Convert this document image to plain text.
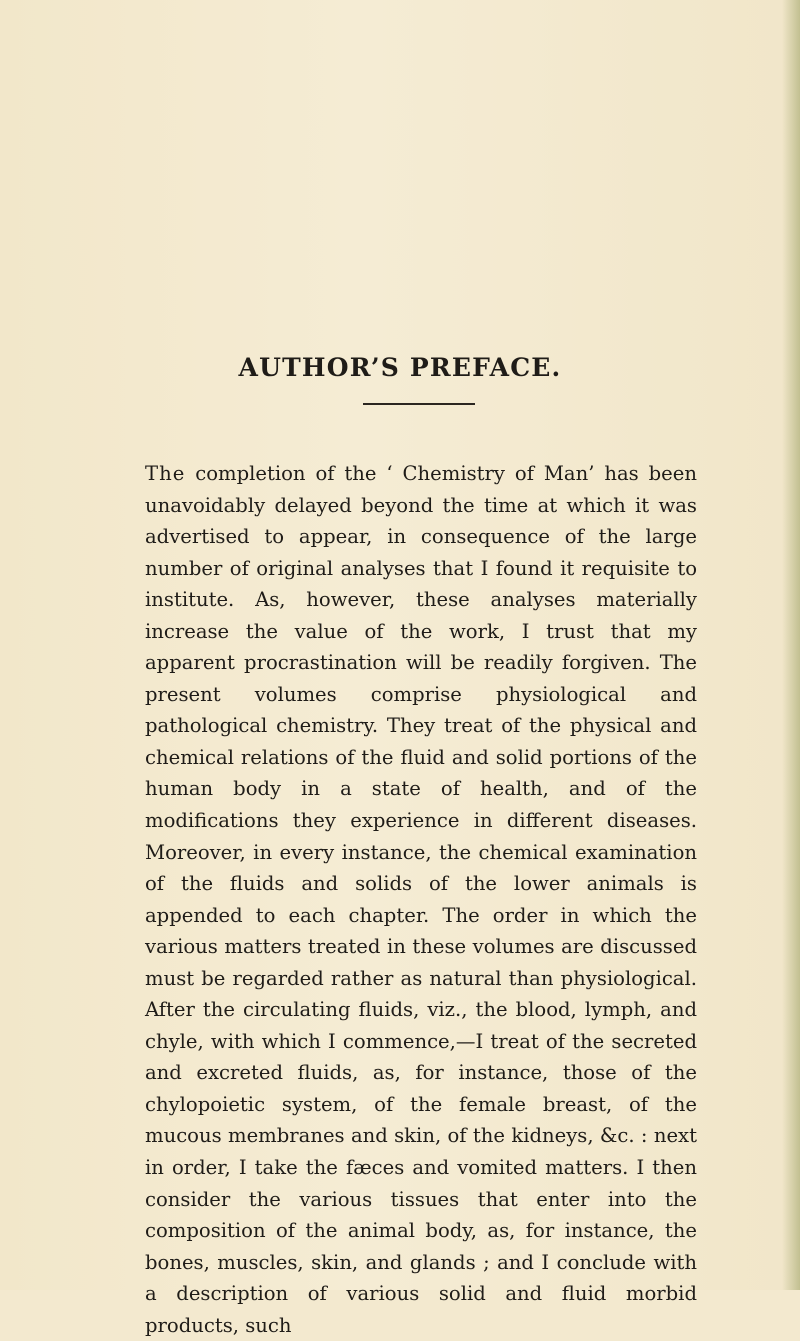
AUTHOR’S PREFACE.

The completion of the ‘ Chemistry of Man’ has been unavoidably delayed beyond the time at which it was advertised to appear, in consequence of the large number of original analyses that I found it requisite to institute. As, however, these analyses materially increase the value of the work, I trust that my apparent procrastination will be readily forgiven. The present volumes comprise physiological and pathological chemistry. They treat of the physical and chemical relations of the fluid and solid portions of the human body in a state of health, and of the modifications they experience in different diseases. Moreover, in every instance, the chemical examination of the fluids and solids of the lower animals is appended to each chapter. The order in which the various matters treated in these volumes are discussed must be regarded rather as natural than physiological. After the circulating fluids, viz., the blood, lymph, and chyle, with which I commence,—I treat of the secreted and excreted fluids, as, for instance, those of the chylopoietic system, of the female breast, of the mucous membranes and skin, of the kidneys, &c. : next in order, I take the fæces and vomited matters. I then consider the various tissues that enter into the composition of the animal body, as, for instance, the bones, muscles, skin, and glands ; and I conclude with a description of various solid and fluid morbid products, such
